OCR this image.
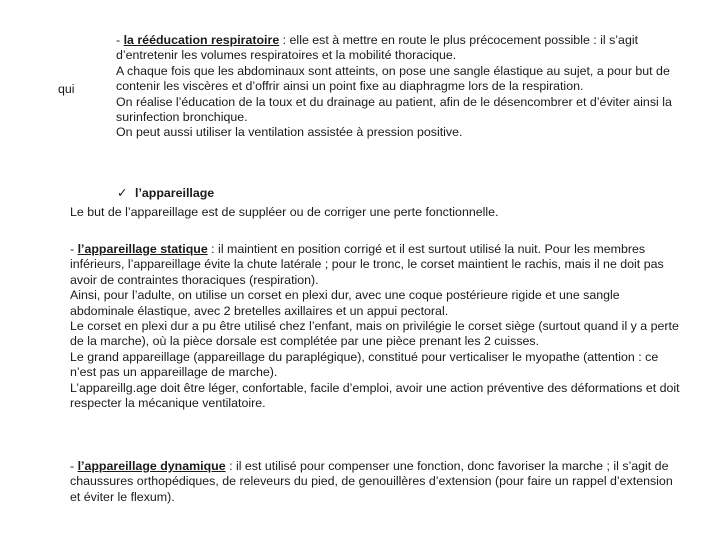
qui

- la rééducation respiratoire : elle est à mettre en route le plus précocement possible : il s’agit d’entretenir les volumes respiratoires et la mobilité thoracique.

A chaque fois que les abdominaux sont atteints, on pose une sangle élastique au sujet, a pour but de contenir les viscères et d’offrir ainsi un point fixe au diaphragme lors de la respiration.

On réalise l’éducation de la toux et du drainage au patient, afin de le désencombrer et d’éviter ainsi la surinfection bronchique.

On peut aussi utiliser la ventilation assistée à pression positive.

✓ l’appareillage
Le but de l’appareillage est de suppléer ou de corriger une perte fonctionnelle.

- l’appareillage statique : il maintient en position corrigé et il est surtout utilisé la nuit. Pour les membres inférieurs, l’appareillage évite la chute latérale ; pour le tronc, le corset maintient le rachis, mais il ne doit pas avoir de contraintes thoraciques (respiration).

Ainsi, pour l’adulte, on utilise un corset en plexi dur, avec une coque postérieure rigide et une sangle abdominale élastique, avec 2 bretelles axillaires et un appui pectoral.

Le corset en plexi dur a pu être utilisé chez l’enfant, mais on privilégie le corset siège (surtout quand il y a perte de la marche), où la pièce dorsale est complétée par une pièce prenant les 2 cuisses.

Le grand appareillage (appareillage du paraplégique), constitué pour verticaliser le myopathe (attention : ce n’est pas un appareillage de marche).

L’appareillg.age doit être léger, confortable, facile d’emploi, avoir une action préventive des déformations et doit respecter la mécanique ventilatoire.

- l’appareillage dynamique : il est utilisé pour compenser une fonction, donc favoriser la marche ; il s’agit de chaussures orthopédiques, de releveurs du pied, de genouillères d’extension (pour faire un rappel d’extension et éviter le flexum).
